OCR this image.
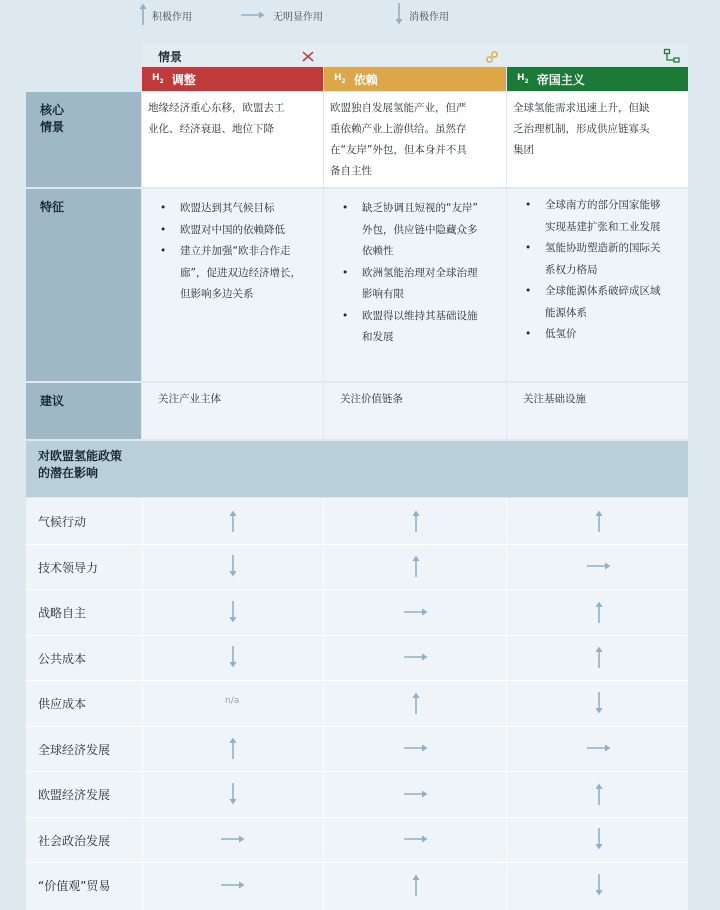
积极作用	无明显作用	消极作用
情景
$H_2$ 调整	$H_2$ 依赖	$H_2$ 帝国主义
核心
情景
地缘经济重心东移，欧盟去工
业化、经济衰退、地位下降
欧盟独自发展氢能产业，但严
重依赖产业上游供给。虽然存
在“友岸”外包，但本身并不具
备自主性
全球氢能需求迅速上升，但缺
乏治理机制，形成供应链寡头
集团
特征
•	欧盟达到其气候目标
• 欧盟对中国的依赖降低
• 建立并加强“欧非合作走
廊”，促进双边经济增长，
但影响多边关系
• 缺乏协调且短视的“友岸”
外包，供应链中隐藏众多
依赖性
• 欧洲氢能治理对全球治理
影响有限
• 欧盟得以维持其基础设施
和发展
• 全球南方的部分国家能够
实现基建扩张和工业发展
• 氢能协助塑造新的国际关
系权力格局
• 全球能源体系破碎成区域
能源体系
• 低氢价
建议	关注产业主体	关注价值链条	关注基础设施
对欧盟氢能政策
的潜在影响
气候行动
技术领导力
战略自主
公共成本
供应成本	n/a
全球经济发展
欧盟经济发展
社会政治发展
“价值观”贸易
